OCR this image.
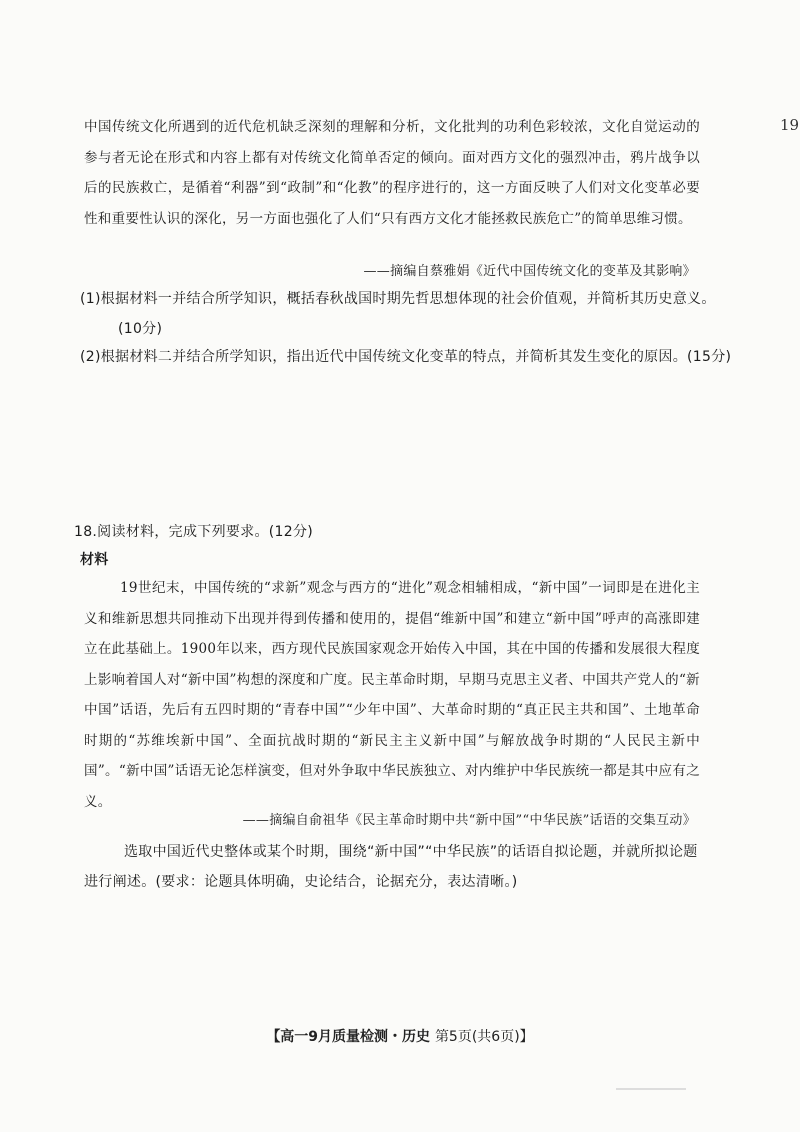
19
中国传统文化所遇到的近代危机缺乏深刻的理解和分析，文化批判的功利色彩较浓，文化自觉运动的参与者无论在形式和内容上都有对传统文化简单否定的倾向。面对西方文化的强烈冲击，鸦片战争以后的民族救亡，是循着“利器”到“政制”和“化教”的程序进行的，这一方面反映了人们对文化变革必要性和重要性认识的深化，另一方面也强化了人们“只有西方文化才能拯救民族危亡”的简单思维习惯。
——摘编自蔡雅娟《近代中国传统文化的变革及其影响》
(1)根据材料一并结合所学知识，概括春秋战国时期先哲思想体现的社会价值观，并简析其历史意义。
(10分)
(2)根据材料二并结合所学知识，指出近代中国传统文化变革的特点，并简析其发生变化的原因。(15分)
18.阅读材料，完成下列要求。(12分)
材料
19世纪末，中国传统的“求新”观念与西方的“进化”观念相辅相成，“新中国”一词即是在进化主义和维新思想共同推动下出现并得到传播和使用的，提倡“维新中国”和建立“新中国”呼声的高涨即建立在此基础上。1900年以来，西方现代民族国家观念开始传入中国，其在中国的传播和发展很大程度上影响着国人对“新中国”构想的深度和广度。民主革命时期，早期马克思主义者、中国共产党人的“新中国”话语，先后有五四时期的“青春中国”“少年中国”、大革命时期的“真正民主共和国”、土地革命时期的“苏维埃新中国”、全面抗战时期的“新民主主义新中国”与解放战争时期的“人民民主新中国”。“新中国”话语无论怎样演变，但对外争取中华民族独立、对内维护中华民族统一都是其中应有之义。
——摘编自俞祖华《民主革命时期中共“新中国”“中华民族”话语的交集互动》
选取中国近代史整体或某个时期，围绕“新中国”“中华民族”的话语自拟论题，并就所拟论题进行阐述。(要求：论题具体明确，史论结合，论据充分，表达清晰。)
【高一9月质量检测・历史 第5页(共6页)】
